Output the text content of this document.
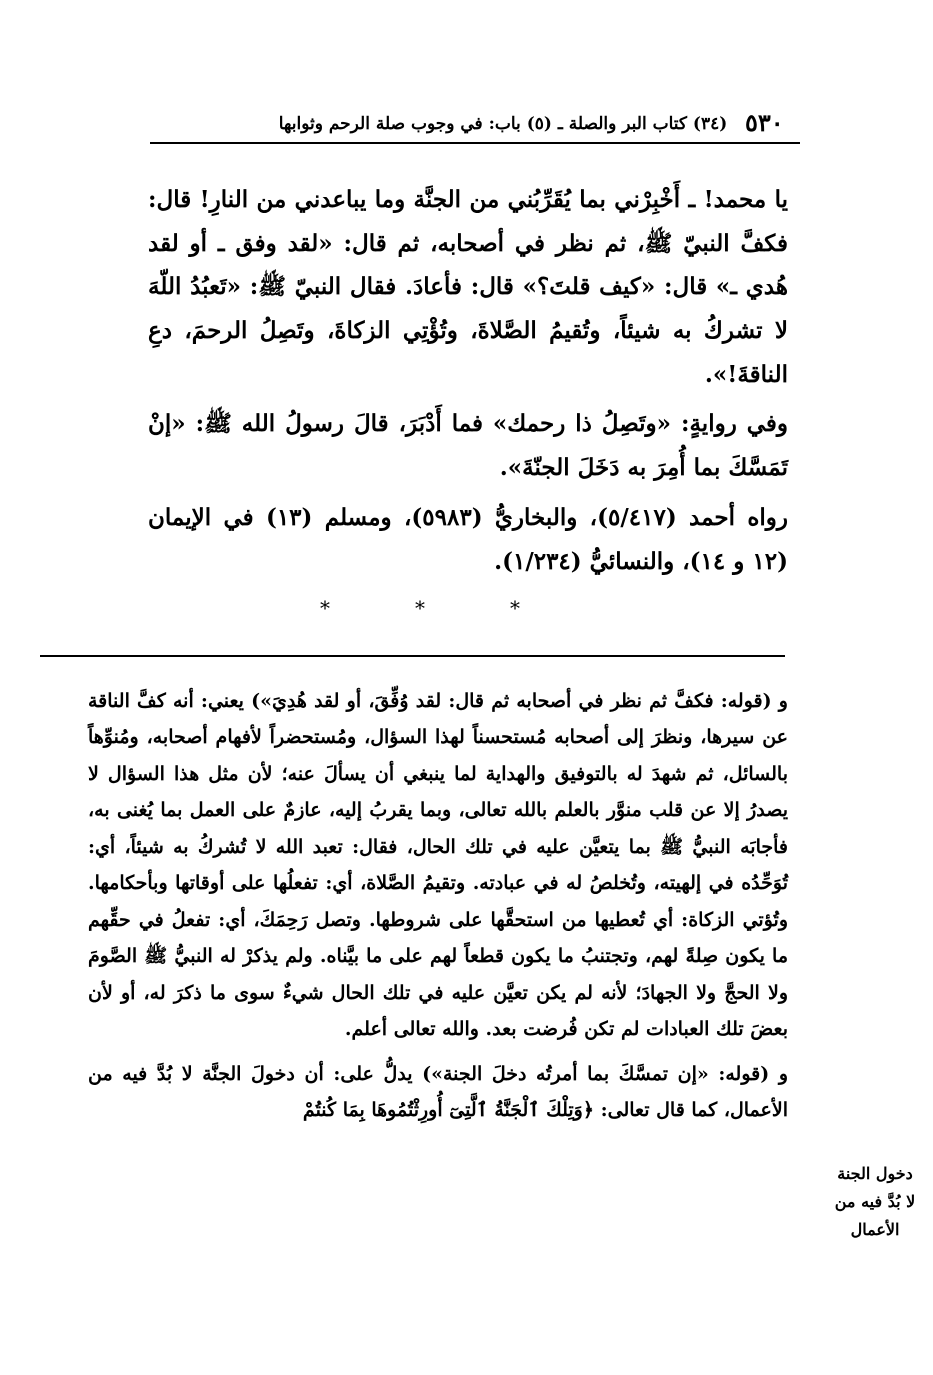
٥٣٠
(٣٤) كتاب البر والصلة ـ (٥) باب: في وجوب صلة الرحم وثوابها

يا محمد! ـ أَخْبِرْني بما يُقَرِّبُني من الجنَّة وما يباعدني من النارِ! قال: فكفَّ النبيّ ﷺ، ثم نظر في أصحابه، ثم قال: «لقد وفق ـ أو لقد هُدي ـ» قال: «كيف قلتَ؟» قال: فأعادَ. فقال النبيّ ﷺ: «تَعبُدُ اللّهَ لا تشركُ به شيئاً، وتُقيمُ الصَّلاةَ، وتُؤْتِي الزكاةَ، وتَصِلُ الرحمَ، دعِ الناقةَ!».

وفي روايةٍ: «وتَصِلُ ذا رحمك» فما أَدْبَرَ، قالَ رسولُ الله ﷺ: «إنْ تَمَسَّكَ بما أُمِرَ به دَخَلَ الجنّةَ».

رواه أحمد (٥/٤١٧)، والبخاريُّ (٥٩٨٣)، ومسلم (١٣) في الإيمان (١٢ و ١٤)، والنسائيُّ (١/٢٣٤).

*	*	*

و (قوله: فكفَّ ثم نظر في أصحابه ثم قال: لقد وُفِّقَ، أو لقد هُدِيَ») يعني: أنه كفَّ الناقة عن سيرها، ونظرَ إلى أصحابه مُستحسناً لهذا السؤال، ومُستحضراً لأفهام أصحابه، ومُنوِّهاً بالسائل، ثم شهدَ له بالتوفيق والهداية لما ينبغي أن يسألَ عنه؛ لأن مثل هذا السؤال لا يصدرُ إلا عن قلب منوَّر بالعلم بالله تعالى، وبما يقربُ إليه، عازمٌ على العمل بما يُغنى به، فأجابَه النبيُّ ﷺ بما يتعيَّن عليه في تلك الحال، فقال: تعبد الله لا تُشركُ به شيئاً، أي: تُوَحِّدُه في إلهيته، وتُخلصُ له في عبادته. وتقيمُ الصَّلاة، أي: تفعلُها على أوقاتها وبأحكامها. وتُؤتي الزكاة: أي تُعطيها من استحقَّها على شروطها. وتصل رَحِمَكَ، أي: تفعلُ في حقِّهم ما يكون صِلةً لهم، وتجتنبُ ما يكون قطعاً لهم على ما بيَّناه. ولم يذكرْ له النبيُّ ﷺ الصَّومَ ولا الحجَّ ولا الجهادَ؛ لأنه لم يكن تعيَّن عليه في تلك الحال شيءٌ سوى ما ذكرَ له، أو لأن بعضَ تلك العبادات لم تكن فُرضت بعد. والله تعالى أعلم.

و (قوله: «إن تمسَّكَ بما أمرتُه دخلَ الجنة») يدلُّ على: أن دخولَ الجنَّة لا بُدَّ فيه من الأعمال، كما قال تعالى: ﴿وَتِلْكَ ٱلْجَنَّةُ ٱلَّتِىٓ أُورِثْتُمُوهَا بِمَا كُنتُمْ

دخول الجنة
لا بُدَّ فيه من
الأعمال
